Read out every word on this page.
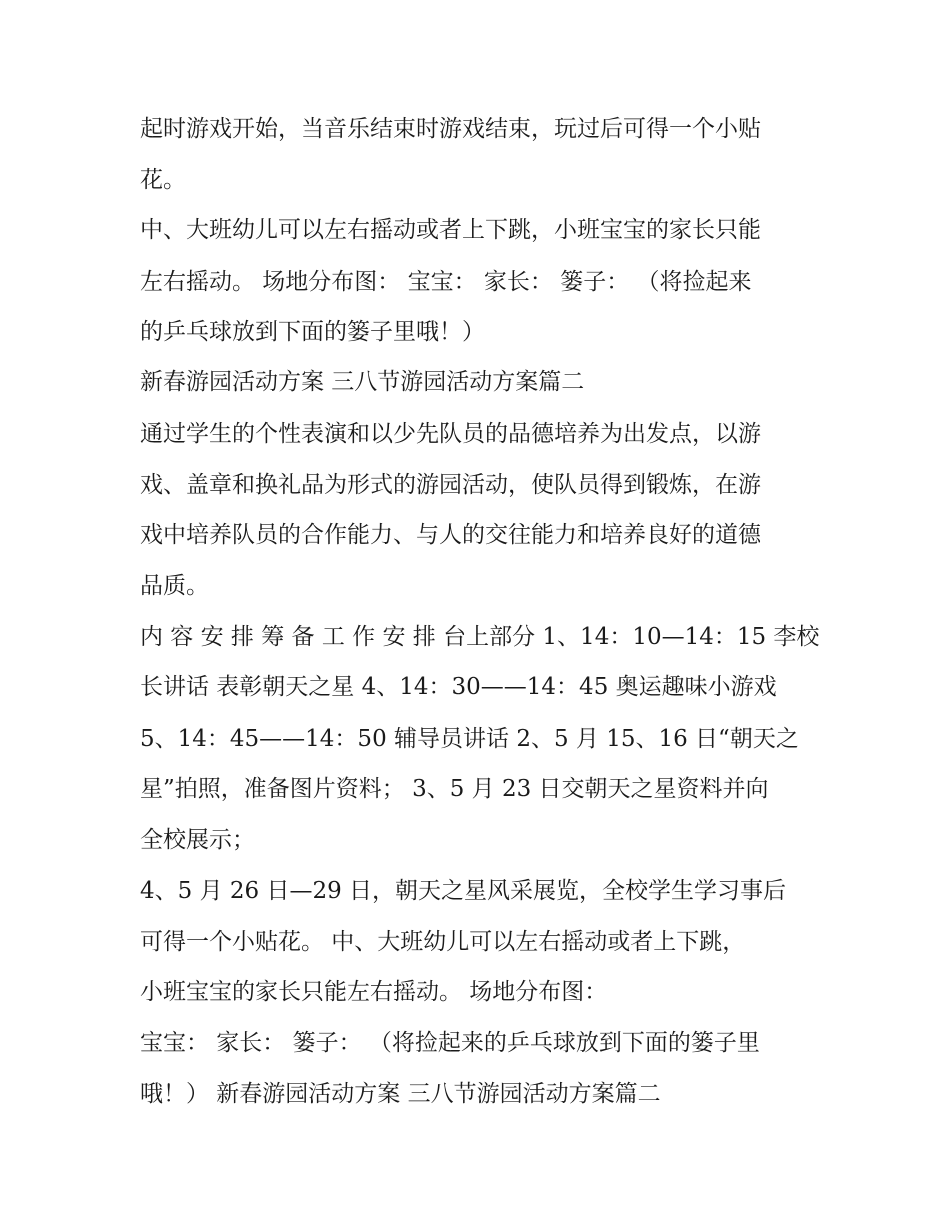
起时游戏开始，当音乐结束时游戏结束，玩过后可得一个小贴
花。
中、大班幼儿可以左右摇动或者上下跳，小班宝宝的家长只能
左右摇动。 场地分布图： 宝宝： 家长： 篓子： （将捡起来
的乒乓球放到下面的篓子里哦！）
新春游园活动方案 三八节游园活动方案篇二
通过学生的个性表演和以少先队员的品德培养为出发点，以游
戏、盖章和换礼品为形式的游园活动，使队员得到锻炼，在游
戏中培养队员的合作能力、与人的交往能力和培养良好的道德
品质。
内 容 安 排 筹 备 工 作 安 排 台上部分 1、14：10—14：15 李校
长讲话 表彰朝天之星 4、14：30——14：45 奥运趣味小游戏
5、14：45——14：50 辅导员讲话 2、5 月 15、16 日“朝天之
星”拍照，准备图片资料； 3、5 月 23 日交朝天之星资料并向
全校展示；
4、5 月 26 日—29 日，朝天之星风采展览，全校学生学习事后
可得一个小贴花。 中、大班幼儿可以左右摇动或者上下跳，
小班宝宝的家长只能左右摇动。 场地分布图：
宝宝： 家长： 篓子： （将捡起来的乒乓球放到下面的篓子里
哦！） 新春游园活动方案 三八节游园活动方案篇二
